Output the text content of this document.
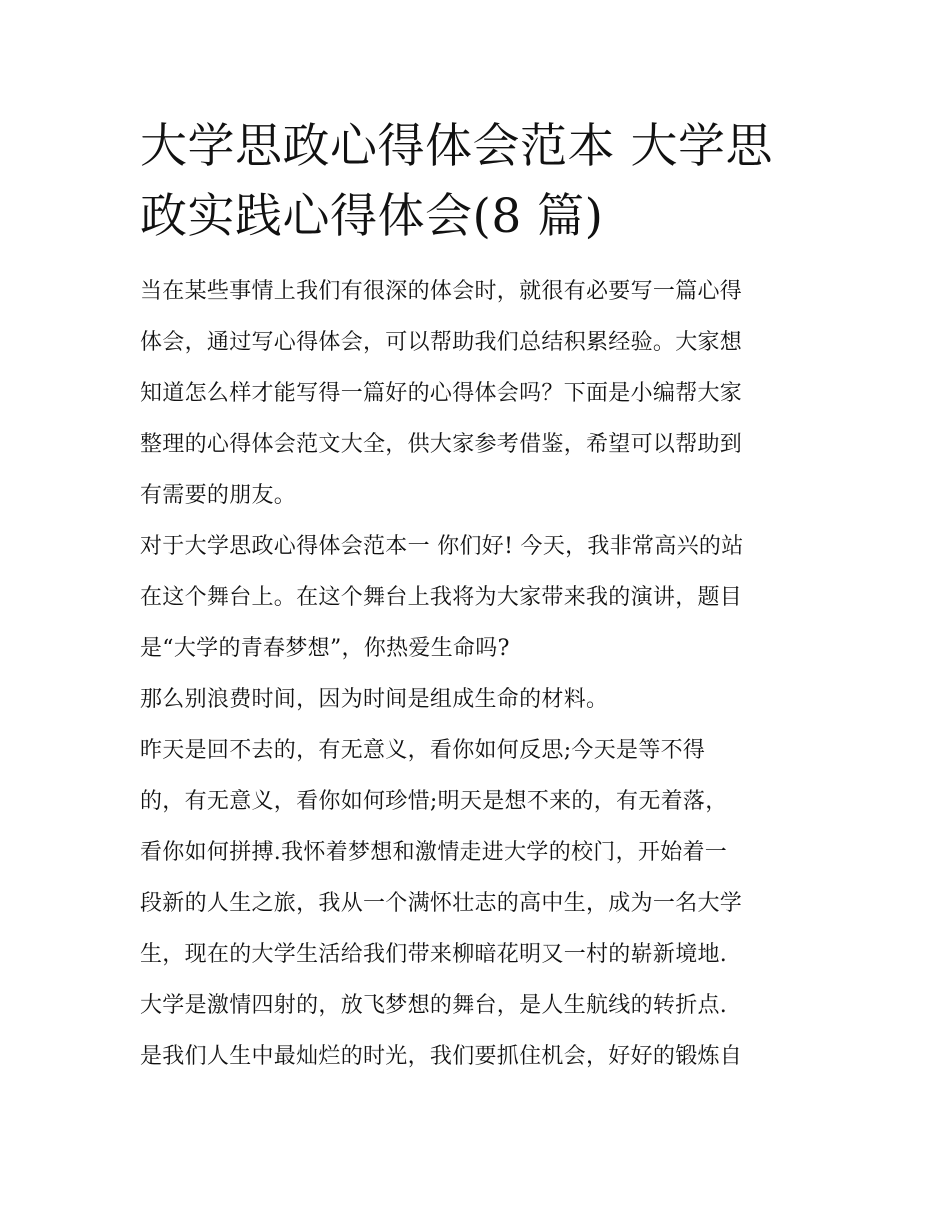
大学思政心得体会范本 大学思
政实践心得体会(8 篇)

当在某些事情上我们有很深的体会时，就很有必要写一篇心得
体会，通过写心得体会，可以帮助我们总结积累经验。大家想
知道怎么样才能写得一篇好的心得体会吗？下面是小编帮大家
整理的心得体会范文大全，供大家参考借鉴，希望可以帮助到
有需要的朋友。

对于大学思政心得体会范本一 你们好! 今天，我非常高兴的站
在这个舞台上。在这个舞台上我将为大家带来我的演讲，题目
是“大学的青春梦想”，你热爱生命吗?

那么别浪费时间，因为时间是组成生命的材料。

昨天是回不去的，有无意义，看你如何反思;今天是等不得
的，有无意义，看你如何珍惜;明天是想不来的，有无着落，
看你如何拼搏.我怀着梦想和激情走进大学的校门，开始着一
段新的人生之旅，我从一个满怀壮志的高中生，成为一名大学
生，现在的大学生活给我们带来柳暗花明又一村的崭新境地.
大学是激情四射的，放飞梦想的舞台，是人生航线的转折点.
是我们人生中最灿烂的时光，我们要抓住机会，好好的锻炼自
